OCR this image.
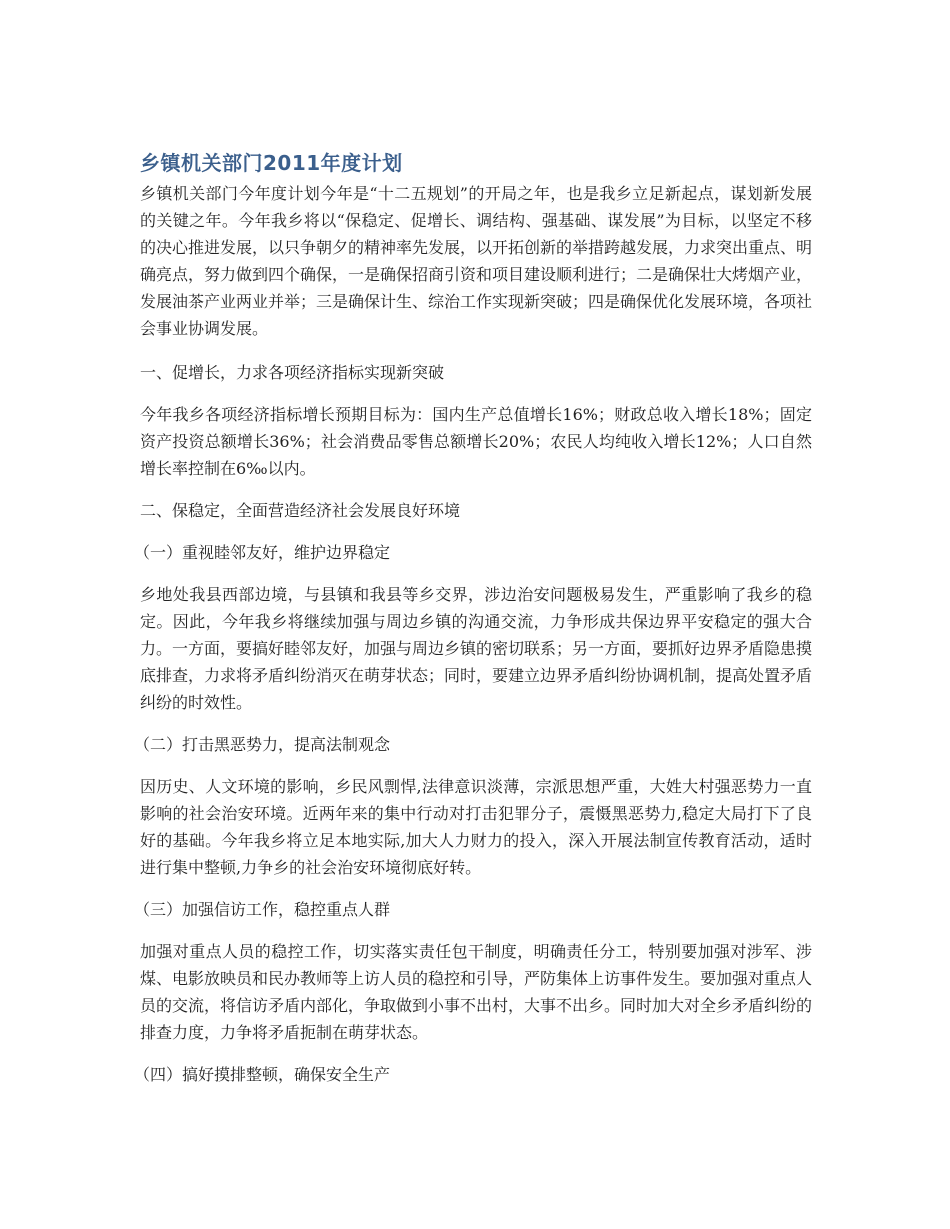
乡镇机关部门2011年度计划

乡镇机关部门今年度计划今年是“十二五规划”的开局之年，也是我乡立足新起点，谋划新发展的关键之年。今年我乡将以“保稳定、促增长、调结构、强基础、谋发展”为目标，以坚定不移的决心推进发展，以只争朝夕的精神率先发展，以开拓创新的举措跨越发展，力求突出重点、明确亮点，努力做到四个确保，一是确保招商引资和项目建设顺利进行；二是确保壮大烤烟产业，发展油茶产业两业并举；三是确保计生、综治工作实现新突破；四是确保优化发展环境，各项社会事业协调发展。

一、促增长，力求各项经济指标实现新突破

今年我乡各项经济指标增长预期目标为：国内生产总值增长16%；财政总收入增长18%；固定资产投资总额增长36%；社会消费品零售总额增长20%；农民人均纯收入增长12%；人口自然增长率控制在6‰以内。

二、保稳定，全面营造经济社会发展良好环境

（一）重视睦邻友好，维护边界稳定

乡地处我县西部边境，与县镇和我县等乡交界，涉边治安问题极易发生，严重影响了我乡的稳定。因此，今年我乡将继续加强与周边乡镇的沟通交流，力争形成共保边界平安稳定的强大合力。一方面，要搞好睦邻友好，加强与周边乡镇的密切联系；另一方面，要抓好边界矛盾隐患摸底排查，力求将矛盾纠纷消灭在萌芽状态；同时，要建立边界矛盾纠纷协调机制，提高处置矛盾纠纷的时效性。

（二）打击黑恶势力，提高法制观念

因历史、人文环境的影响，乡民风剽悍,法律意识淡薄，宗派思想严重，大姓大村强恶势力一直影响的社会治安环境。近两年来的集中行动对打击犯罪分子，震慑黑恶势力,稳定大局打下了良好的基础。今年我乡将立足本地实际,加大人力财力的投入，深入开展法制宣传教育活动，适时进行集中整顿,力争乡的社会治安环境彻底好转。

（三）加强信访工作，稳控重点人群

加强对重点人员的稳控工作，切实落实责任包干制度，明确责任分工，特别要加强对涉军、涉煤、电影放映员和民办教师等上访人员的稳控和引导，严防集体上访事件发生。要加强对重点人员的交流，将信访矛盾内部化，争取做到小事不出村，大事不出乡。同时加大对全乡矛盾纠纷的排查力度，力争将矛盾扼制在萌芽状态。

（四）搞好摸排整顿，确保安全生产
